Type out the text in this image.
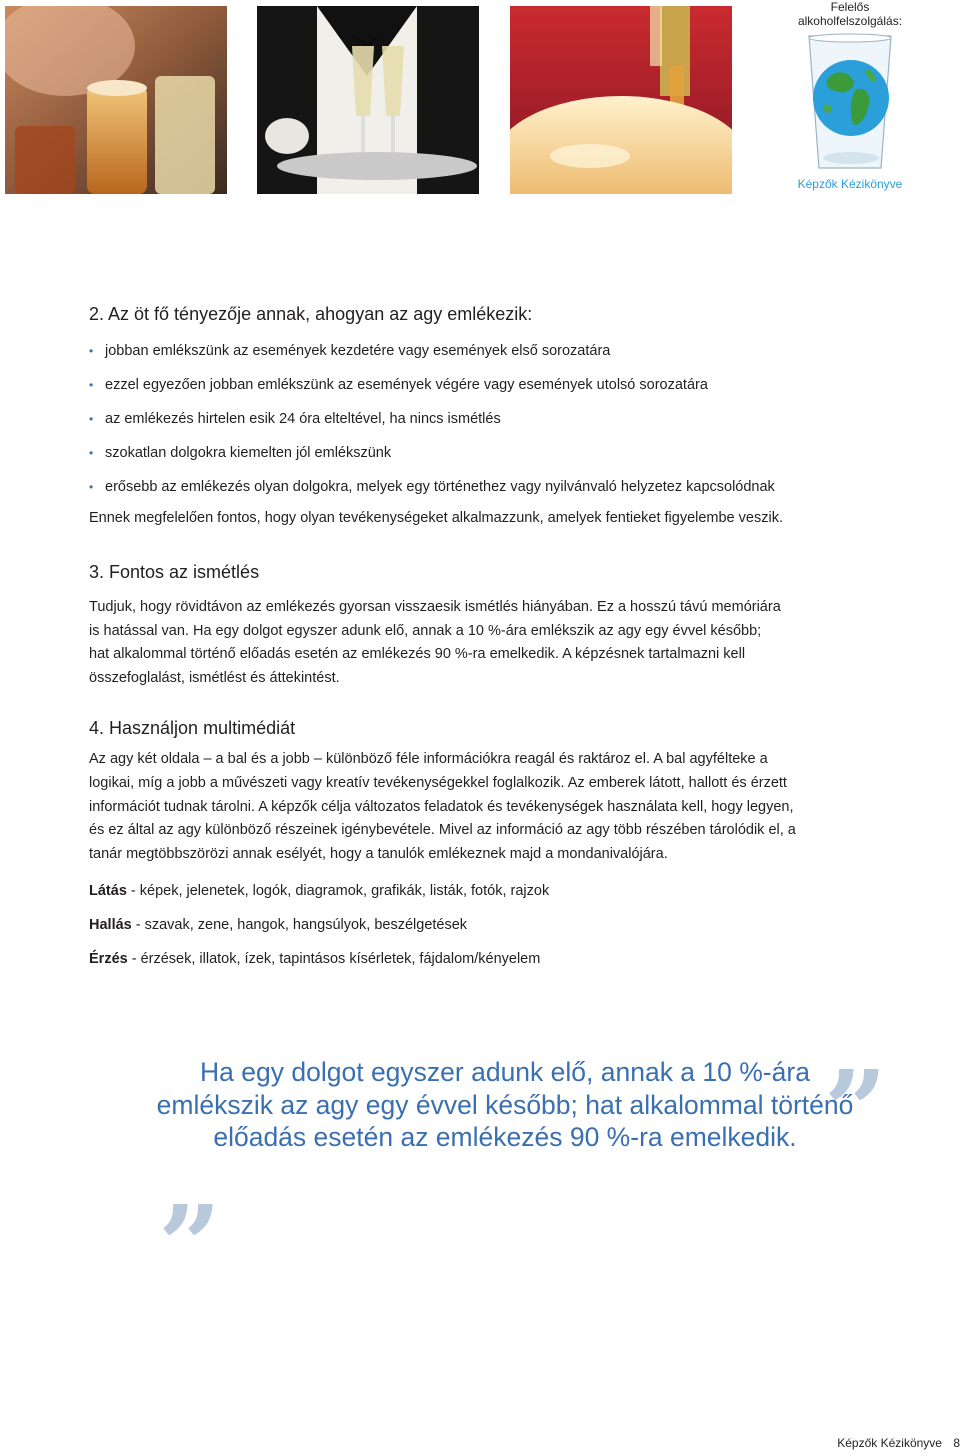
Felelős
alkoholfelszolgálás:
Képzők Kézikönyve
2. Az öt fő tényezője annak, ahogyan az agy emlékezik:
• jobban emlékszünk az események kezdetére vagy események első sorozatára
• ezzel egyezően jobban emlékszünk az események végére vagy események utolsó sorozatára
• az emlékezés hirtelen esik 24 óra elteltével, ha nincs ismétlés
• szokatlan dolgokra kiemelten jól emlékszünk
• erősebb az emlékezés olyan dolgokra, melyek egy történethez vagy nyilvánvaló helyzetez kapcsolódnak

Ennek megfelelően fontos, hogy olyan tevékenységeket alkalmazzunk, amelyek fentieket figyelembe veszik.

3. Fontos az ismétlés

Tudjuk, hogy rövidtávon az emlékezés gyorsan visszaesik ismétlés hiányában. Ez a hosszú távú memóriára

is hatással van. Ha egy dolgot egyszer adunk elő, annak a 10 %-ára emlékszik az agy egy évvel később;

hat alkalommal történő előadás esetén az emlékezés 90 %-ra emelkedik. A képzésnek tartalmazni kell

összefoglalást, ismétlést és áttekintést.

4. Használjon multimédiát

Az agy két oldala – a bal és a jobb – különböző féle információkra reagál és raktároz el. A bal agyfélteke a

logikai, míg a jobb a művészeti vagy kreatív tevékenységekkel foglalkozik. Az emberek látott, hallott és érzett

információt tudnak tárolni. A képzők célja változatos feladatok és tevékenységek használata kell, hogy legyen,

és ez által az agy különböző részeinek igénybevétele. Mivel az információ az agy több részében tárolódik el, a

tanár megtöbbszörözi annak esélyét, hogy a tanulók emlékeznek majd a mondanivalójára.

Látás - képek, jelenetek, logók, diagramok, grafikák, listák, fotók, rajzok
Hallás - szavak, zene, hangok, hangsúlyok, beszélgetések
Érzés - érzések, illatok, ízek, tapintásos kísérletek, fájdalom/kényelem
„
”
Ha egy dolgot egyszer adunk elő, annak a 10 %-ára
emlékszik az agy egy évvel később; hat alkalommal történő
előadás esetén az emlékezés 90 %-ra emelkedik.
Képzők Kézikönyve 8
